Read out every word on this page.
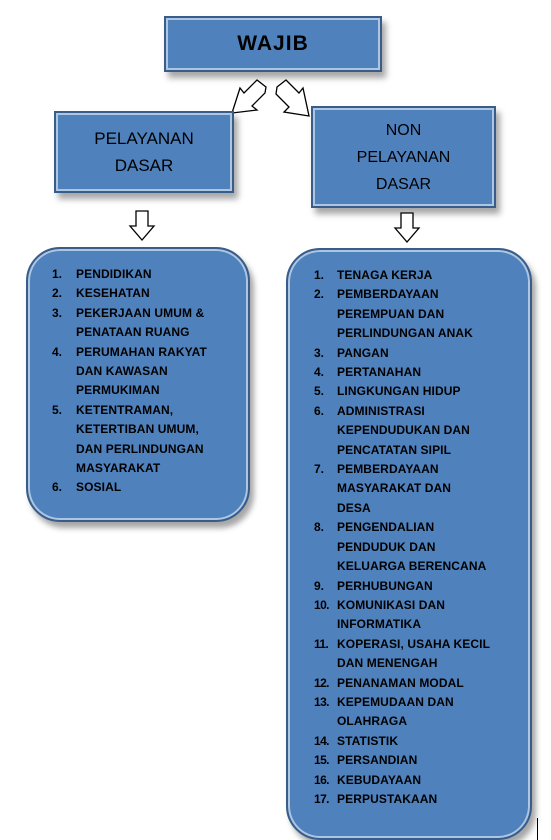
WAJIB
PELAYANAN
DASAR
NON
PELAYANAN
DASAR
1.	PENDIDIKAN
2.	KESEHATAN
3.	PEKERJAAN UMUM &
PENATAAN RUANG
4.	PERUMAHAN RAKYAT
DAN KAWASAN
PERMUKIMAN
5.	KETENTRAMAN,
KETERTIBAN UMUM,
DAN PERLINDUNGAN
MASYARAKAT
6.	SOSIAL
1.	TENAGA KERJA
2.	PEMBERDAYAAN
PEREMPUAN DAN
PERLINDUNGAN ANAK
3.	PANGAN
4.	PERTANAHAN
5.	LINGKUNGAN HIDUP
6.	ADMINISTRASI
KEPENDUDUKAN DAN
PENCATATAN SIPIL
7.	PEMBERDAYAAN
MASYARAKAT DAN
DESA
8.	PENGENDALIAN
PENDUDUK DAN
KELUARGA BERENCANA
9.	PERHUBUNGAN
10. KOMUNIKASI DAN
INFORMATIKA
11. KOPERASI, USAHA KECIL
DAN MENENGAH
12. PENANAMAN MODAL
13. KEPEMUDAAN DAN
OLAHRAGA
14. STATISTIK
15. PERSANDIAN
16. KEBUDAYAAN
17. PERPUSTAKAAN
